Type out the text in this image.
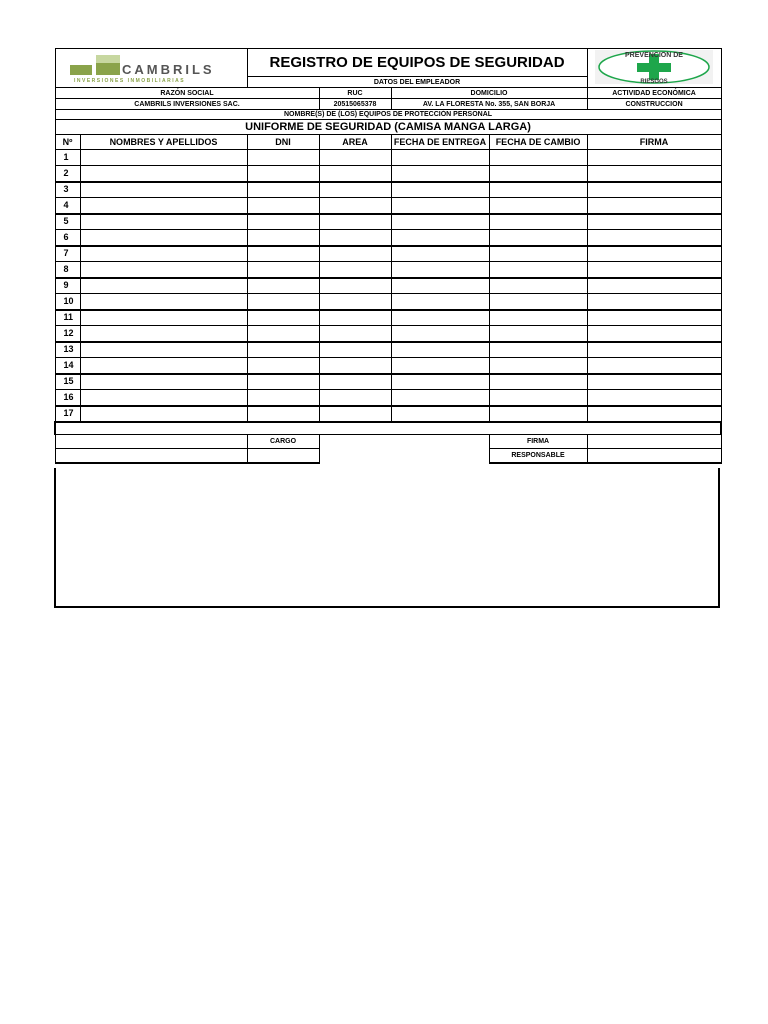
CAMBRILS
INVERSIONES INMOBILIARIAS		REGISTRO DE EQUIPOS DE SEGURIDAD				PREVENCION DE
RIESGOS

		DATOS DEL EMPLEADOR				
RAZÓN SOCIAL			RUC	DOMICILIO		ACTIVIDAD ECONÓMICA
CAMBRILS INVERSIONES SAC.			20515065378	AV. LA FLORESTA No. 355, SAN BORJA		CONSTRUCCION
NOMBRE(S) DE (LOS) EQUIPOS DE PROTECCIÓN PERSONAL						
UNIFORME DE SEGURIDAD (CAMISA MANGA LARGA)						
Nº	NOMBRES Y APELLIDOS	DNI	AREA	FECHA DE ENTREGA	FECHA DE CAMBIO	FIRMA
1						
2						
3						
4						
5						
6						
7						
8						
9						
10						
11						
12						
13						
14						
15						
16						
17						

		CARGO			FIRMA	
					RESPONSABLE	
